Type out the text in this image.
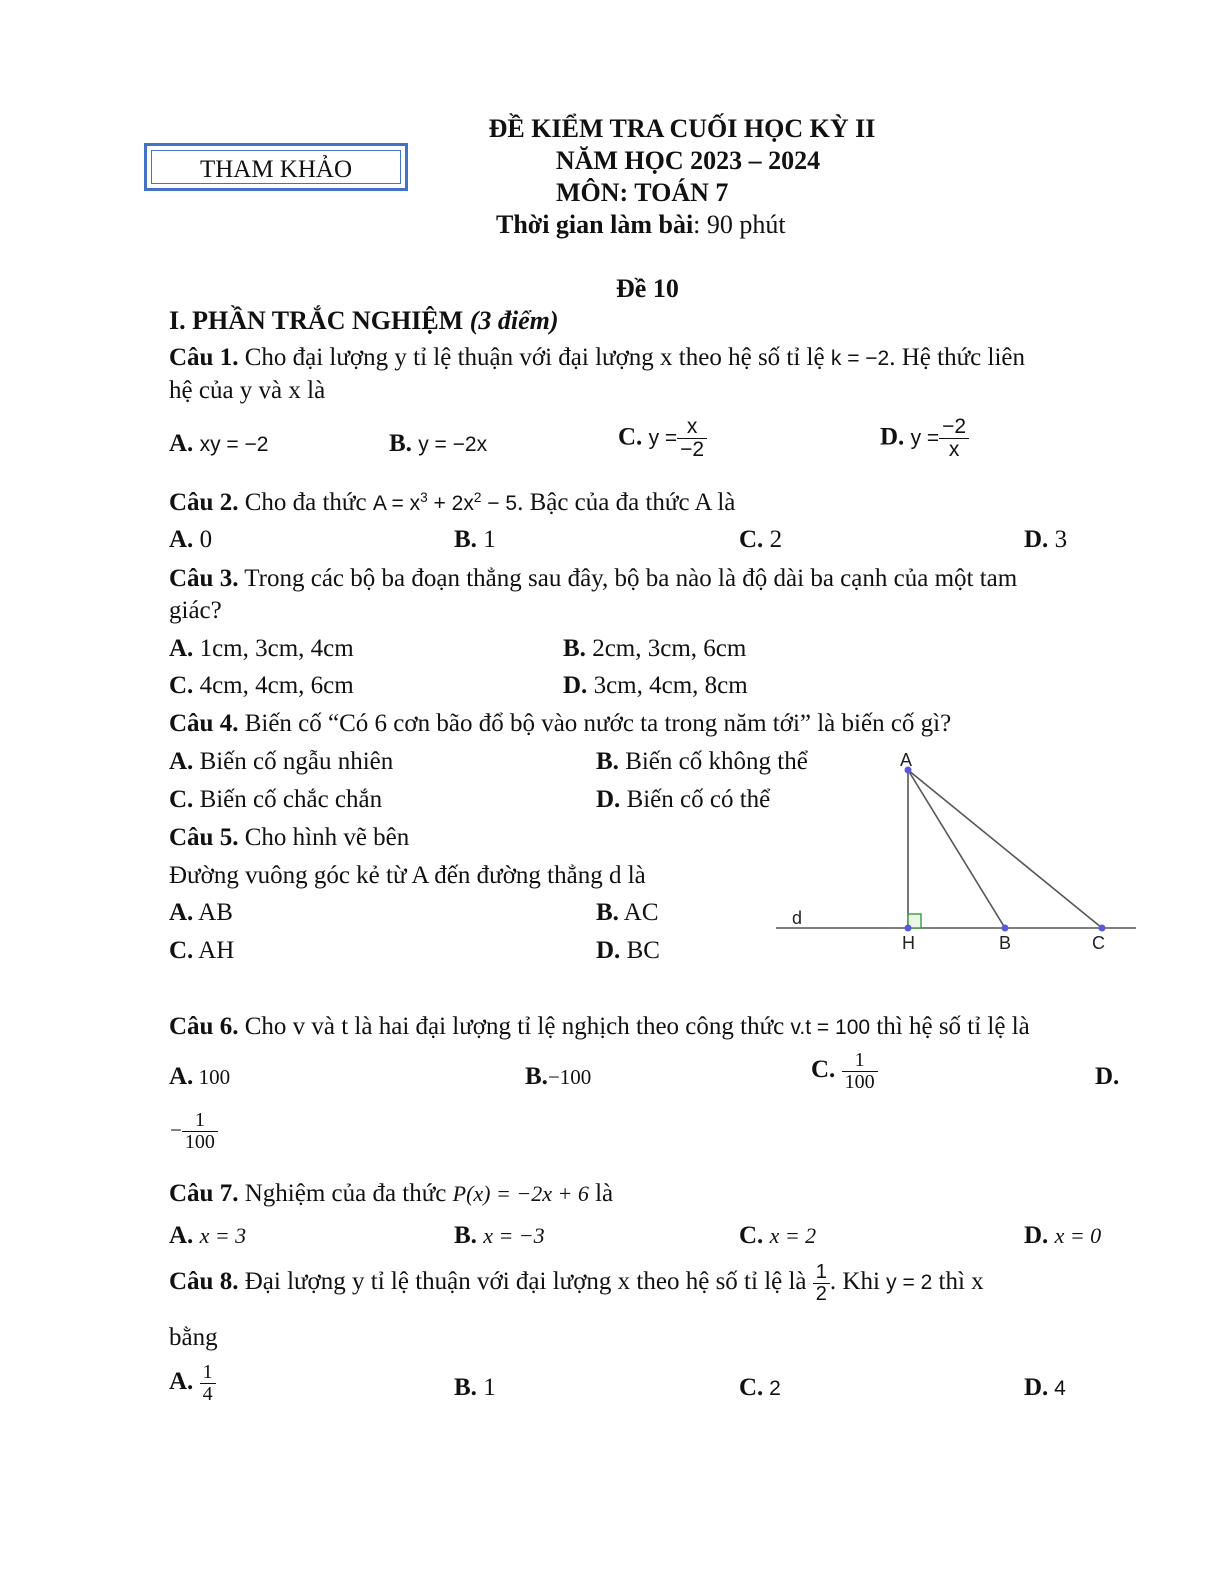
THAM KHẢO
ĐỀ KIỂM TRA CUỐI HỌC KỲ II
NĂM HỌC 2023 – 2024
MÔN: TOÁN 7
Thời gian làm bài: 90 phút
Đề 10
I. PHẦN TRẮC NGHIỆM (3 điểm)
Câu 1. Cho đại lượng y tỉ lệ thuận với đại lượng x theo hệ số tỉ lệ k = −2. Hệ thức liên
hệ của y và x là
A. xy = −2	B. y = −2x	C. $y = \frac{x}{-2}$	D. $y = \frac{-2}{x}$
Câu 2. Cho đa thức $A = x^3 + 2x^2 - 5$. Bậc của đa thức A là
A. 0	B. 1	C. 2	D. 3
Câu 3. Trong các bộ ba đoạn thẳng sau đây, bộ ba nào là độ dài ba cạnh của một tam
giác?
A. 1cm, 3cm, 4cm	B. 2cm, 3cm, 6cm
C. 4cm, 4cm, 6cm	D. 3cm, 4cm, 8cm
Câu 4. Biến cố “Có 6 cơn bão đổ bộ vào nước ta trong năm tới” là biến cố gì?
A. Biến cố ngẫu nhiên	B. Biến cố không thể
C. Biến cố chắc chắn	D. Biến cố có thể
Câu 5. Cho hình vẽ bên
Đường vuông góc kẻ từ A đến đường thẳng d là
A. AB	B. AC
C. AH	D. BC
A
H	B	C
d
Câu 6. Cho v và t là hai đại lượng tỉ lệ nghịch theo công thức v.t = 100 thì hệ số tỉ lệ là
A. 100	B.−100	C. $\frac{1}{100}$	D.
− $\frac{1}{100}$
Câu 7. Nghiệm của đa thức P(x) = −2x + 6 là
A. x = 3	B. x = −3	C. x = 2	D. x = 0
Câu 8. Đại lượng y tỉ lệ thuận với đại lượng x theo hệ số tỉ lệ là $\frac{1}{2}$ . Khi y = 2 thì x
bằng
A. $\frac{1}{4}$	B. 1	C. 2	D. 4
